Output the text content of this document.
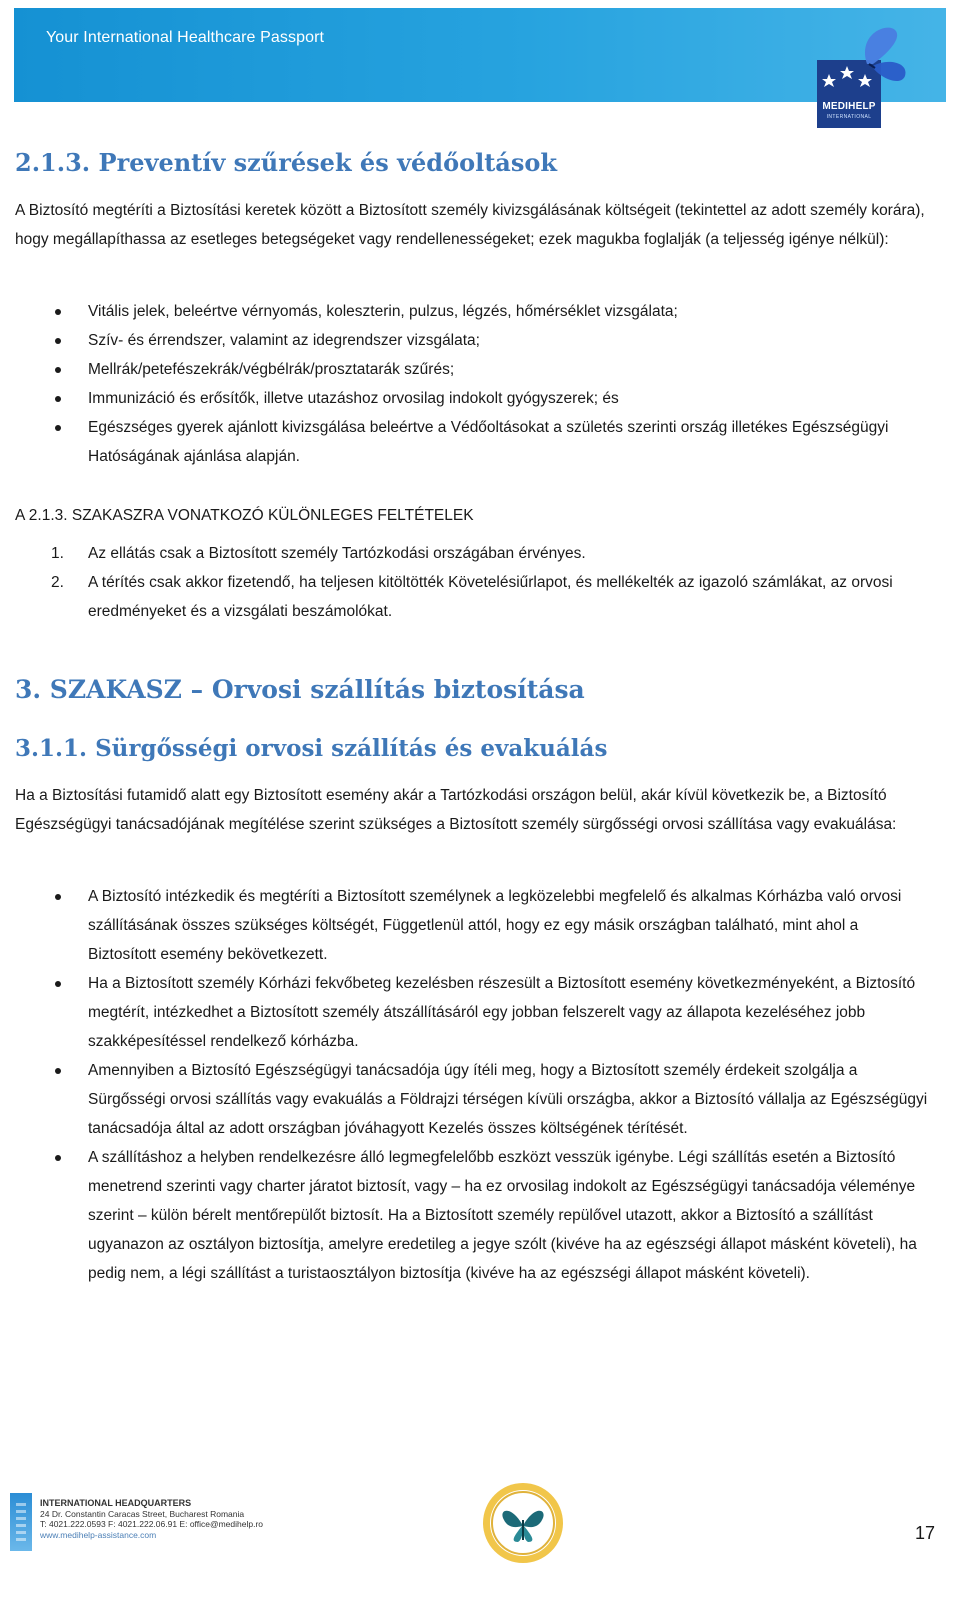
Your International Healthcare Passport
MEDIHELP
INTERNATIONAL
2.1.3. Preventív szűrések és védőoltások

A Biztosító megtéríti a Biztosítási keretek között a Biztosított személy kivizsgálásának költségeit (tekintettel az adott személy korára), hogy megállapíthassa az esetleges betegségeket vagy rendellenességeket; ezek magukba foglalják (a teljesség igénye nélkül):

Vitális jelek, beleértve vérnyomás, koleszterin, pulzus, légzés, hőmérséklet vizsgálata;
Szív- és érrendszer, valamint az idegrendszer vizsgálata;
Mellrák/petefészekrák/végbélrák/prosztatarák szűrés;
Immunizáció és erősítők, illetve utazáshoz orvosilag indokolt gyógyszerek; és
Egészséges gyerek ajánlott kivizsgálása beleértve a Védőoltásokat a születés szerinti ország illetékes Egészségügyi Hatóságának ajánlása alapján.

A 2.1.3. SZAKASZRA VONATKOZÓ KÜLÖNLEGES FELTÉTELEK

1. Az ellátás csak a Biztosított személy Tartózkodási országában érvényes.
2. A térítés csak akkor fizetendő, ha teljesen kitöltötték Követelésiűrlapot, és mellékelték az igazoló számlákat, az orvosi eredményeket és a vizsgálati beszámolókat.
3. SZAKASZ – Orvosi szállítás biztosítása
3.1.1. Sürgősségi orvosi szállítás és evakuálás

Ha a Biztosítási futamidő alatt egy Biztosított esemény akár a Tartózkodási országon belül, akár kívül következik be, a Biztosító Egészségügyi tanácsadójának megítélése szerint szükséges a Biztosított személy sürgősségi orvosi szállítása vagy evakuálása:

A Biztosító intézkedik és megtéríti a Biztosított személynek a legközelebbi megfelelő és alkalmas Kórházba való orvosi szállításának összes szükséges költségét, Függetlenül attól, hogy ez egy másik országban található, mint ahol a Biztosított esemény bekövetkezett.
Ha a Biztosított személy Kórházi fekvőbeteg kezelésben részesült a Biztosított esemény következményeként, a Biztosító megtérít, intézkedhet a Biztosított személy átszállításáról egy jobban felszerelt vagy az állapota kezeléséhez jobb szakképesítéssel rendelkező kórházba.
Amennyiben a Biztosító Egészségügyi tanácsadója úgy ítéli meg, hogy a Biztosított személy érdekeit szolgálja a Sürgősségi orvosi szállítás vagy evakuálás a Földrajzi térségen kívüli országba, akkor a Biztosító vállalja az Egészségügyi tanácsadója által az adott országban jóváhagyott Kezelés összes költségének térítését.
A szállításhoz a helyben rendelkezésre álló legmegfelelőbb eszközt vesszük igénybe. Légi szállítás esetén a Biztosító menetrend szerinti vagy charter járatot biztosít, vagy – ha ez orvosilag indokolt az Egészségügyi tanácsadója véleménye szerint – külön bérelt mentőrepülőt biztosít. Ha a Biztosított személy repülővel utazott, akkor a Biztosító a szállítást ugyanazon az osztályon biztosítja, amelyre eredetileg a jegye szólt (kivéve ha az egészségi állapot másként követeli), ha pedig nem, a légi szállítást a turistaosztályon biztosítja (kivéve ha az egészségi állapot másként követeli).
INTERNATIONAL HEADQUARTERS
24 Dr. Constantin Caracas Street, Bucharest Romania
T: 4021.222.0593 F: 4021.222.06.91 E: office@medihelp.ro
www.medihelp-assistance.com	17
